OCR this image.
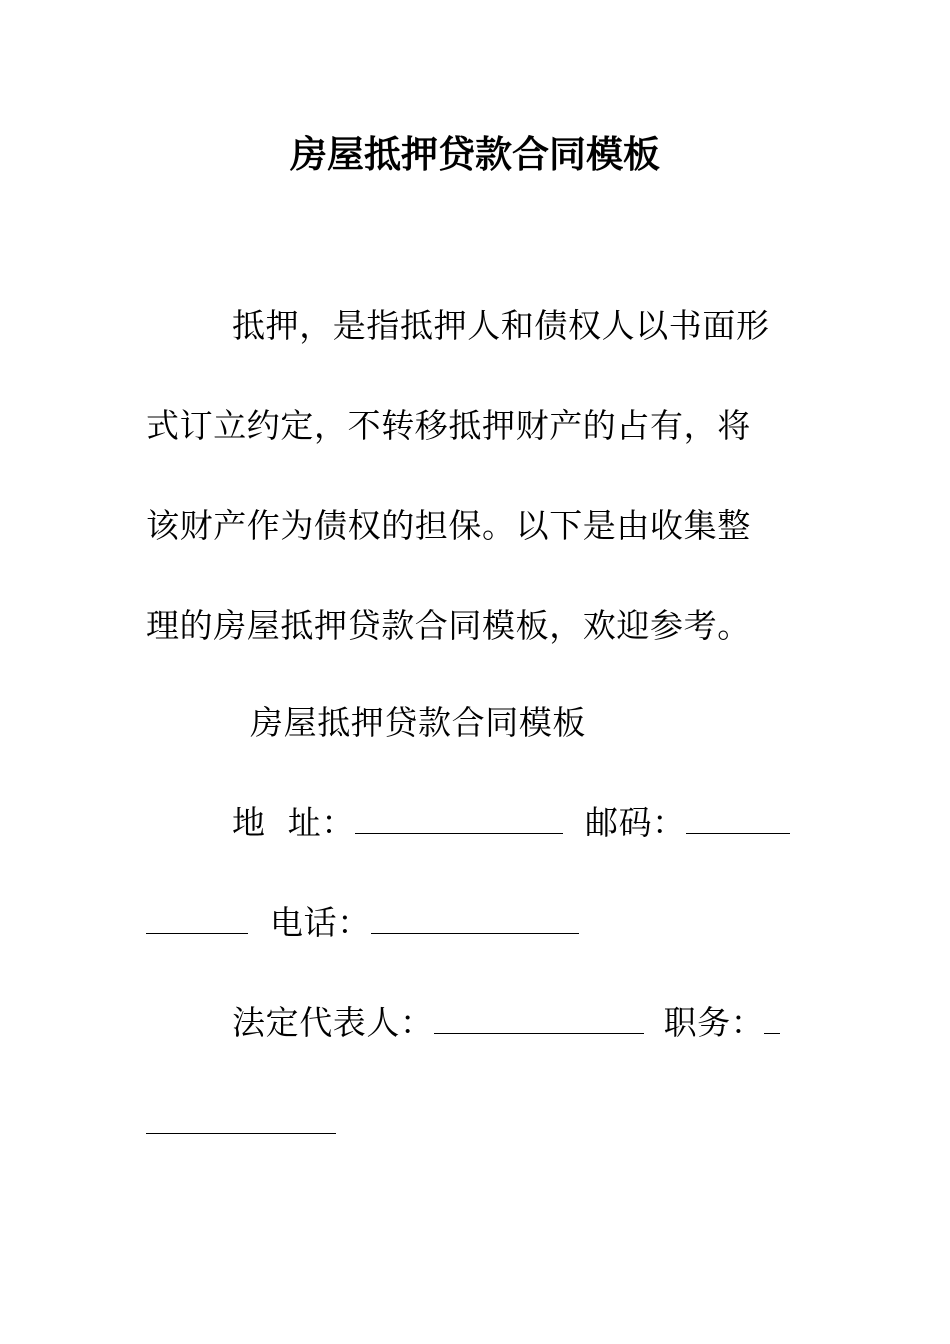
房屋抵押贷款合同模板
抵押，是指抵押人和债权人以书面形
式订立约定，不转移抵押财产的占有，将
该财产作为债权的担保。以下是由收集整
理的房屋抵押贷款合同模板，欢迎参考。
房屋抵押贷款合同模板
地  址：	邮码：
电话：
法定代表人：	职务：
